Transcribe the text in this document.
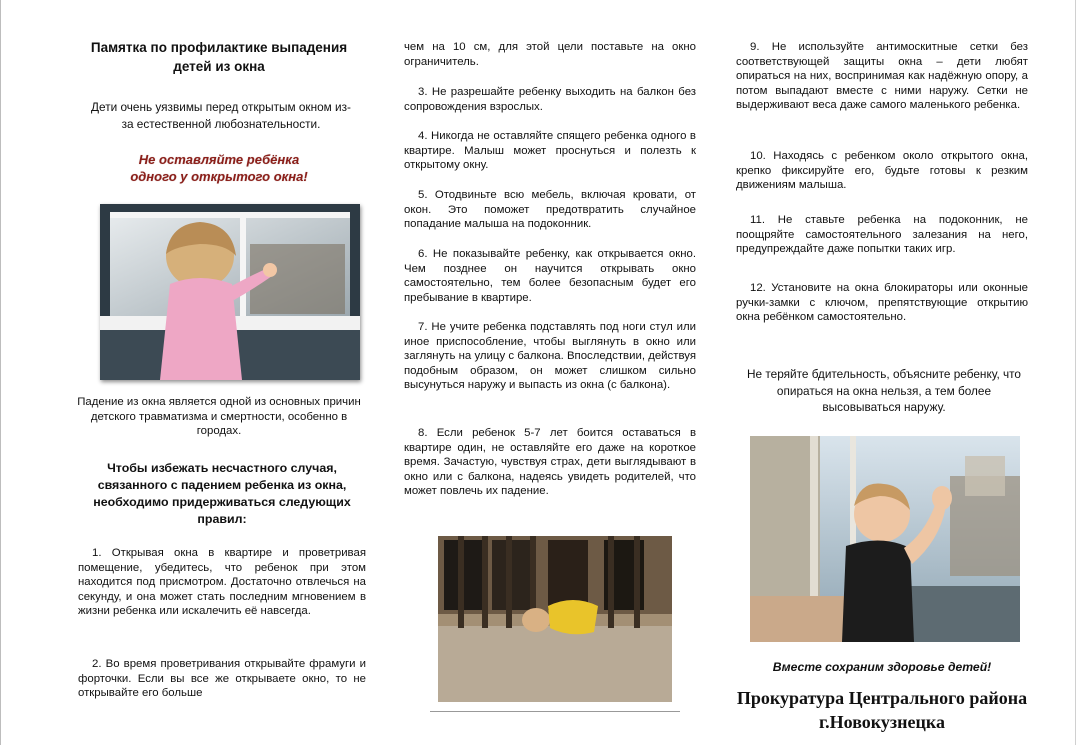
Памятка по профилактике выпадения детей из окна
Дети очень уязвимы перед открытым окном из-за естественной любознательности.
Не оставляйте ребёнка одного у открытого окна!
Падение из окна является одной из основных причин детского травматизма и смертности, особенно в городах.
Чтобы избежать несчастного случая, связанного с падением ребенка из окна, необходимо придерживаться следующих правил:
1. Открывая окна в квартире и проветривая помещение, убедитесь, что ребенок при этом находится под присмотром. Достаточно отвлечься на секунду, и она может стать последним мгновением в жизни ребенка или искалечить её навсегда.
2. Во время проветривания открывайте фрамуги и форточки. Если вы все же открываете окно, то не открывайте его больше
чем на 10 см, для этой цели поставьте на окно ограничитель.
3. Не разрешайте ребенку выходить на балкон без сопровождения взрослых.
4. Никогда не оставляйте спящего ребенка одного в квартире. Малыш может проснуться и полезть к открытому окну.
5. Отодвиньте всю мебель, включая кровати, от окон. Это поможет предотвратить случайное попадание малыша на подоконник.
6. Не показывайте ребенку, как открывается окно. Чем позднее он научится открывать окно самостоятельно, тем более безопасным будет его пребывание в квартире.
7. Не учите ребенка подставлять под ноги стул или иное приспособление, чтобы выглянуть в окно или заглянуть на улицу с балкона. Впоследствии, действуя подобным образом, он может слишком сильно высунуться наружу и выпасть из окна (с балкона).
8. Если ребенок 5-7 лет боится оставаться в квартире один, не оставляйте его даже на короткое время. Зачастую, чувствуя страх, дети выглядывают в окно или с балкона, надеясь увидеть родителей, что может повлечь их падение.
9. Не используйте антимоскитные сетки без соответствующей защиты окна – дети любят опираться на них, воспринимая как надёжную опору, а потом выпадают вместе с ними наружу. Сетки не выдерживают веса даже самого маленького ребенка.
10. Находясь с ребенком около открытого окна, крепко фиксируйте его, будьте готовы к резким движениям малыша.
11. Не ставьте ребенка на подоконник, не поощряйте самостоятельного залезания на него, предупреждайте даже попытки таких игр.
12. Установите на окна блокираторы или оконные ручки-замки с ключом, препятствующие открытию окна ребёнком самостоятельно.
Не теряйте бдительность, объясните ребенку, что опираться на окна нельзя, а тем более высовываться наружу.
Вместе сохраним здоровье детей!
Прокуратура Центрального района
г.Новокузнецка
